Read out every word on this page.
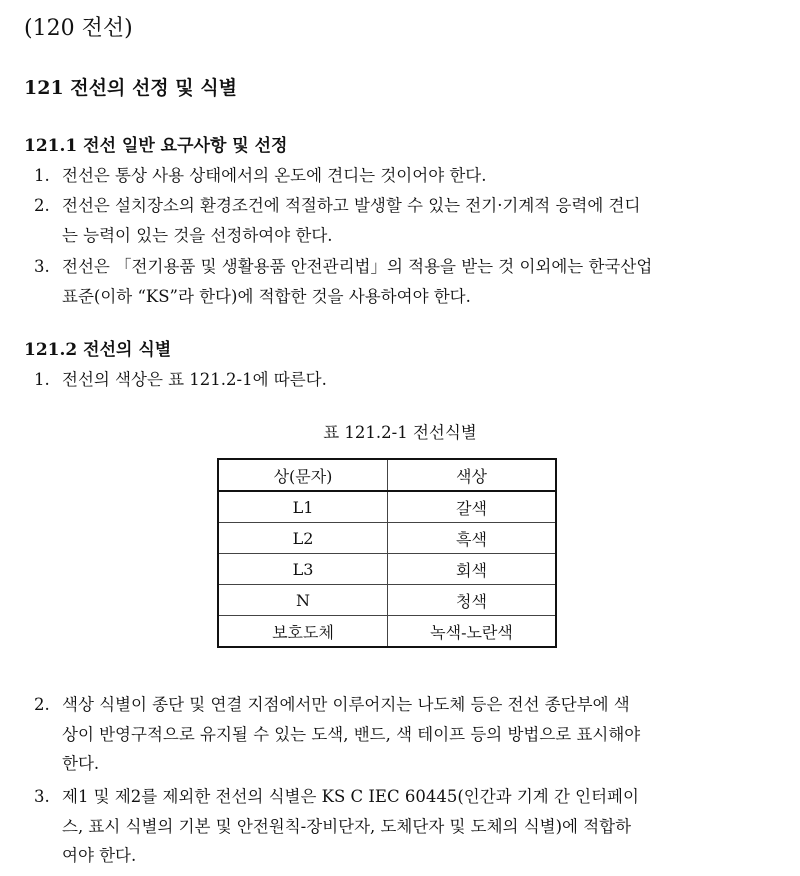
(120 전선)
121 전선의 선정 및 식별
121.1 전선 일반 요구사항 및 선정
1. 전선은 통상 사용 상태에서의 온도에 견디는 것이어야 한다.
2. 전선은 설치장소의 환경조건에 적절하고 발생할 수 있는 전기·기계적 응력에 견디
는 능력이 있는 것을 선정하여야 한다.
3. 전선은 「전기용품 및 생활용품 안전관리법」의 적용을 받는 것 이외에는 한국산업
표준(이하 “KS”라 한다)에 적합한 것을 사용하여야 한다.
121.2 전선의 식별
1. 전선의 색상은 표 121.2-1에 따른다.
표 121.2-1 전선식별
상(문자)	색상
L1	갈색
L2	흑색
L3	회색
N	청색
보호도체	녹색-노란색
2. 색상 식별이 종단 및 연결 지점에서만 이루어지는 나도체 등은 전선 종단부에 색
상이 반영구적으로 유지될 수 있는 도색, 밴드, 색 테이프 등의 방법으로 표시해야
한다.
3. 제1 및 제2를 제외한 전선의 식별은 KS C IEC 60445(인간과 기계 간 인터페이
스, 표시 식별의 기본 및 안전원칙-장비단자, 도체단자 및 도체의 식별)에 적합하
여야 한다.
